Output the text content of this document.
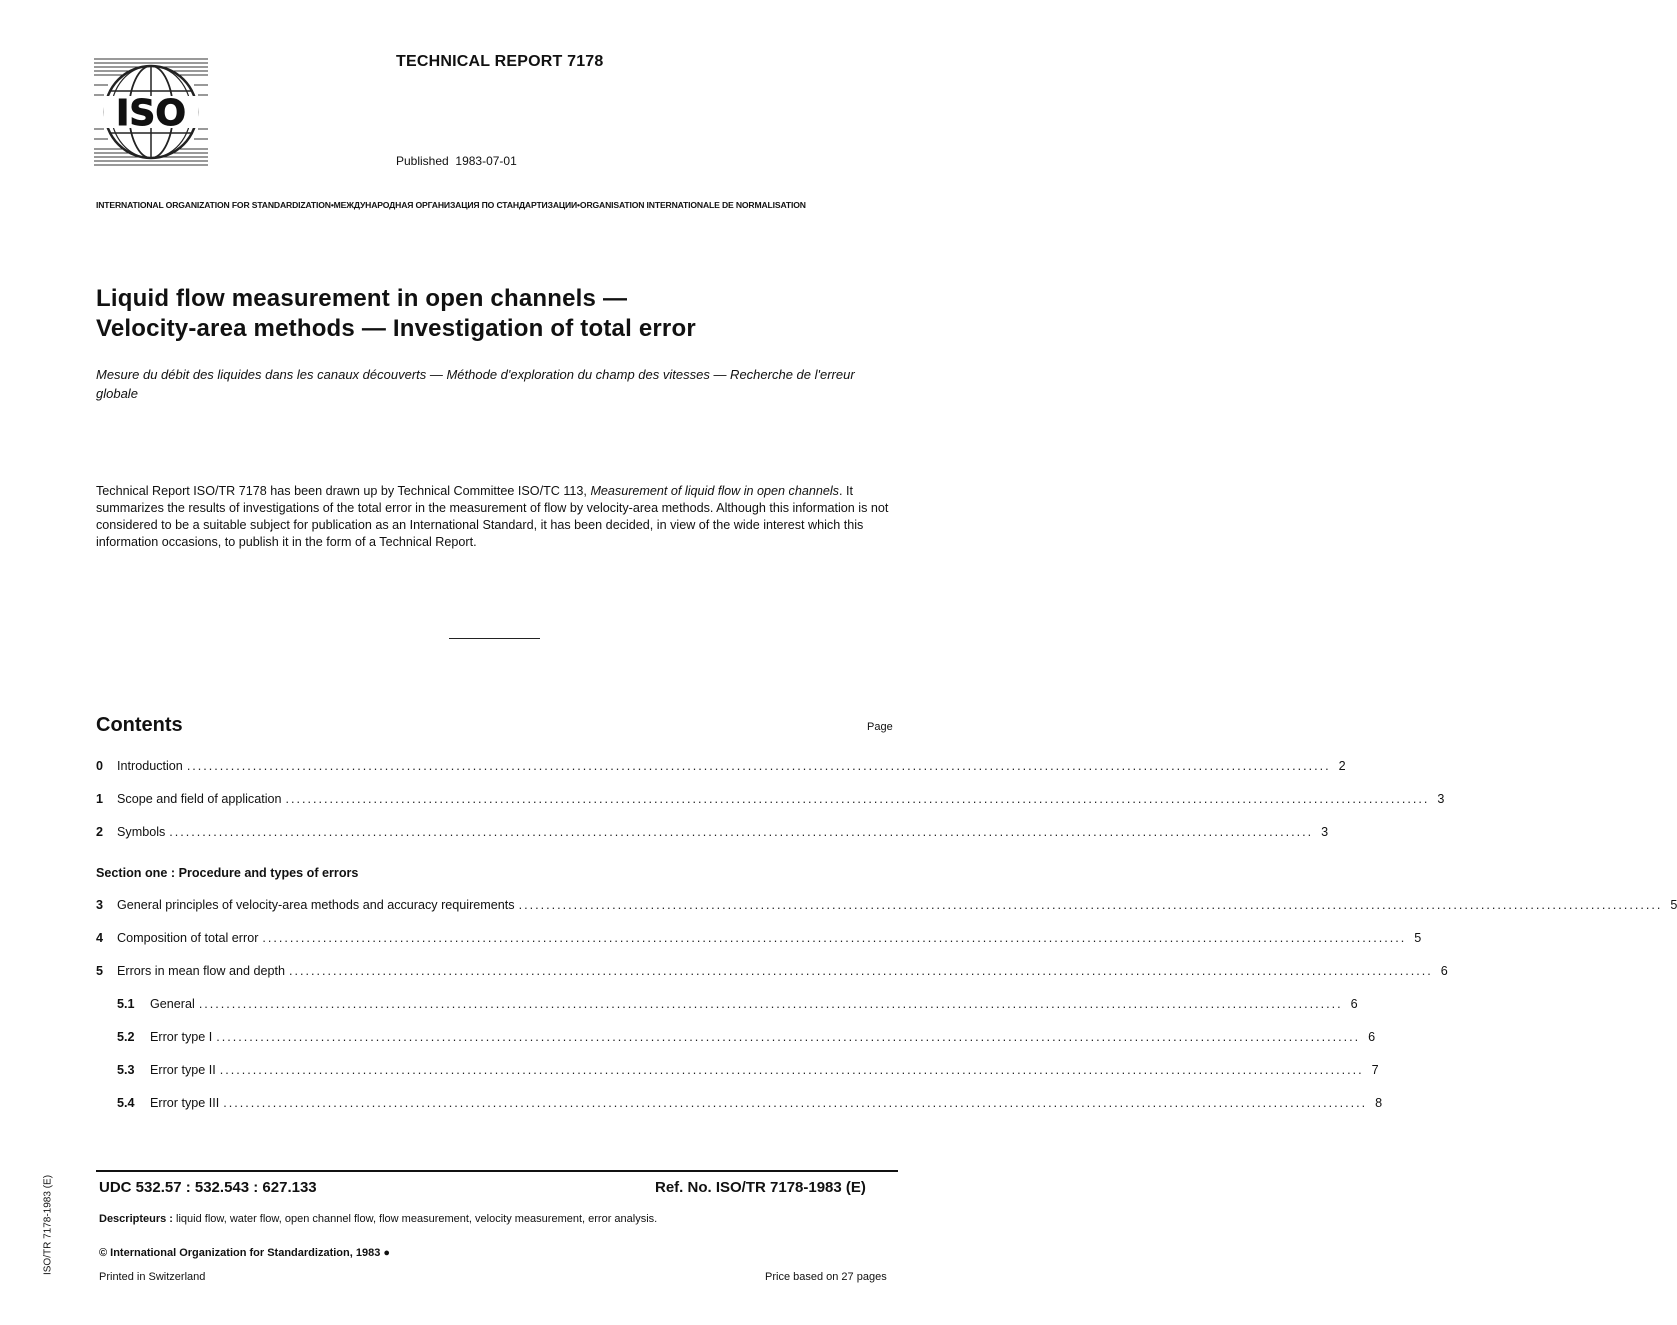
TECHNICAL REPORT 7178
ISO
Published 1983-07-01
INTERNATIONAL ORGANIZATION FOR STANDARDIZATION•МЕЖДУНАРОДНАЯ ОРГАНИЗАЦИЯ ПО СТАНДАРТИЗАЦИИ•ORGANISATION INTERNATIONALE DE NORMALISATION
Liquid flow measurement in open channels —
Velocity-area methods — Investigation of total error
Mesure du débit des liquides dans les canaux découverts — Méthode d'exploration du champ des vitesses — Recherche de l'erreur globale
Technical Report ISO/TR 7178 has been drawn up by Technical Committee ISO/TC 113, Measurement of liquid flow in open channels. It summarizes the results of investigations of the total error in the measurement of flow by velocity-area methods. Although this information is not considered to be a suitable subject for publication as an International Standard, it has been decided, in view of the wide interest which this information occasions, to publish it in the form of a Technical Report.
Contents	Page
0	Introduction ................................................................................................................................................................................................................ 2
1	Scope and field of application ................................................................................................................................................................................................................ 3
2	Symbols ................................................................................................................................................................................................................ 3
Section one : Procedure and types of errors
3	General principles of velocity-area methods and accuracy requirements ................................................................................................................................................................................................................ 5
4	Composition of total error ................................................................................................................................................................................................................ 5
5	Errors in mean flow and depth ................................................................................................................................................................................................................ 6
5.1	General ................................................................................................................................................................................................................ 6
5.2	Error type I ................................................................................................................................................................................................................ 6
5.3	Error type II ................................................................................................................................................................................................................ 7
5.4	Error type III ................................................................................................................................................................................................................ 8
ISO/TR 7178-1983 (E)	UDC 532.57 : 532.543 : 627.133	Ref. No. ISO/TR 7178-1983 (E)
Descripteurs : liquid flow, water flow, open channel flow, flow measurement, velocity measurement, error analysis.
© International Organization for Standardization, 1983 ●
Printed in Switzerland	Price based on 27 pages
